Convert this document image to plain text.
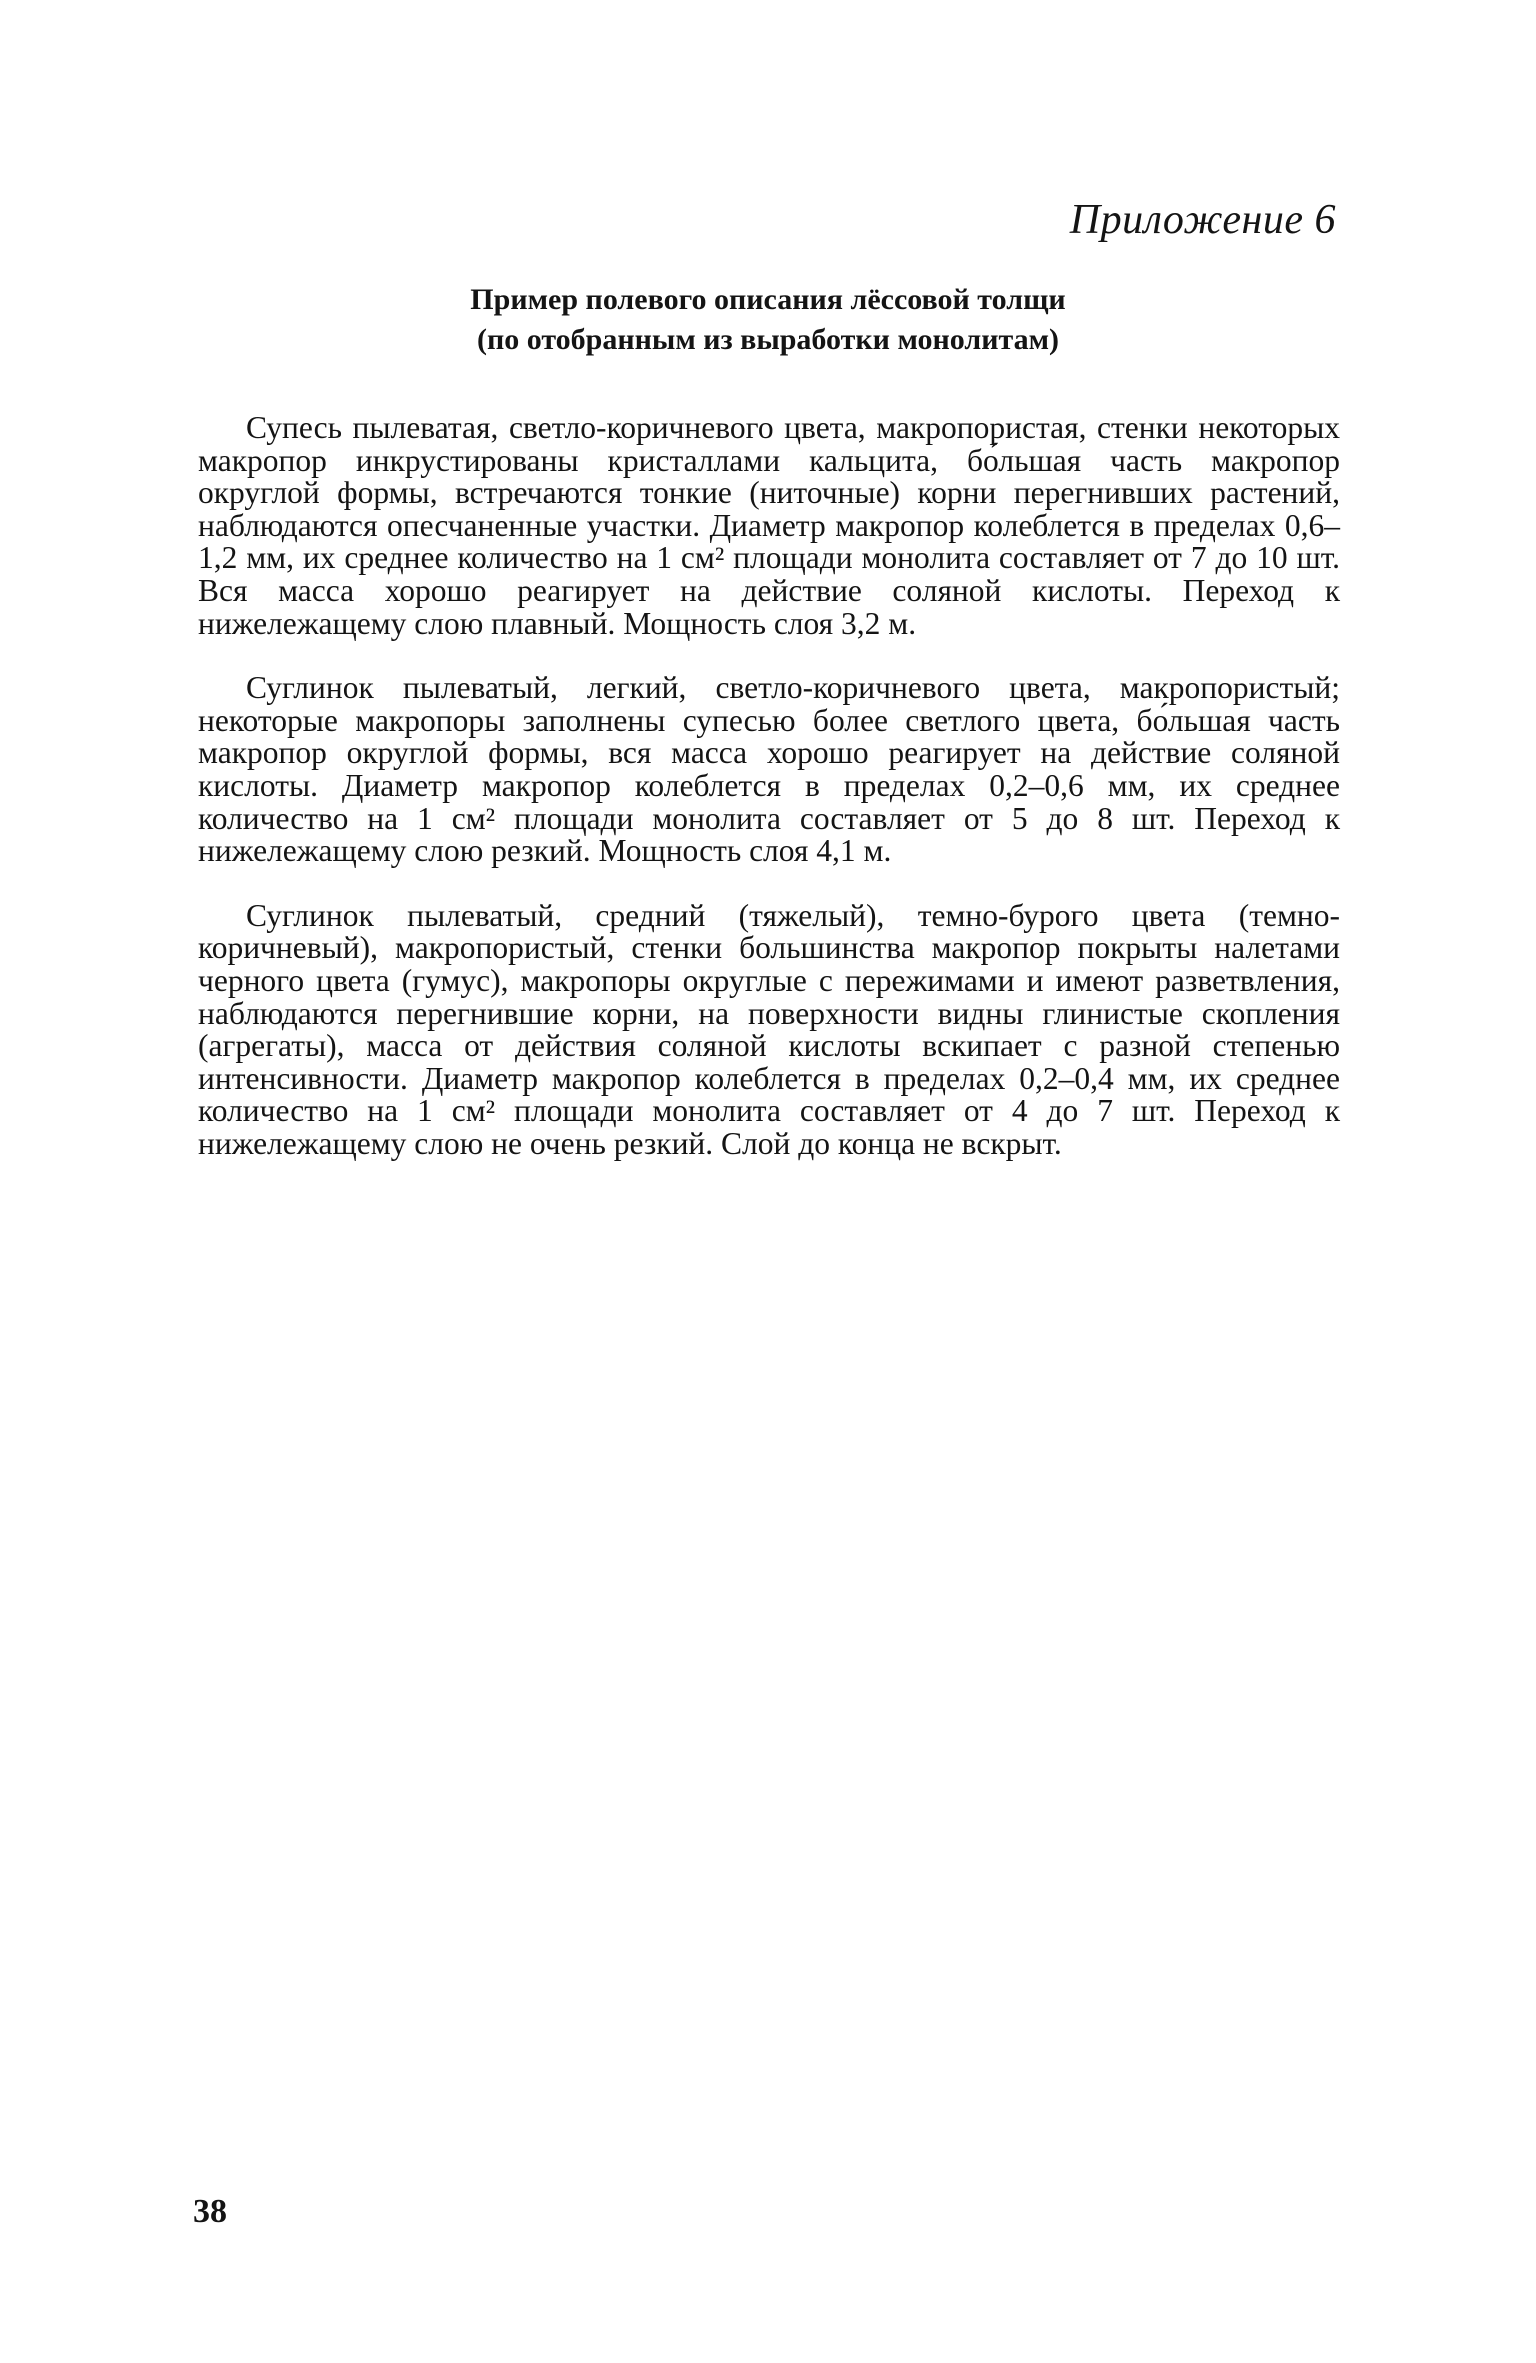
Приложение 6
Пример полевого описания лёссовой толщи
(по отобранным из выработки монолитам)

Супесь пылеватая, светло-коричневого цвета, макропористая, стенки некоторых макропор инкрустированы кристаллами кальцита, бо́льшая часть макропор округлой формы, встречаются тонкие (ниточные) корни перегнивших растений, наблюдаются опесчаненные участки. Диаметр макропор колеблется в пределах 0,6–1,2 мм, их среднее количество на 1 см² площади монолита составляет от 7 до 10 шт. Вся масса хорошо реагирует на действие соляной кислоты. Переход к нижележащему слою плавный. Мощность слоя 3,2 м.

Суглинок пылеватый, легкий, светло-коричневого цвета, макропористый; некоторые макропоры заполнены супесью более светлого цвета, бо́льшая часть макропор округлой формы, вся масса хорошо реагирует на действие соляной кислоты. Диаметр макропор колеблется в пределах 0,2–0,6 мм, их среднее количество на 1 см² площади монолита составляет от 5 до 8 шт. Переход к нижележащему слою резкий. Мощность слоя 4,1 м.

Суглинок пылеватый, средний (тяжелый), темно-бурого цвета (темно-коричневый), макропористый, стенки большинства макропор покрыты налетами черного цвета (гумус), макропоры округлые с пережимами и имеют разветвления, наблюдаются перегнившие корни, на поверхности видны глинистые скопления (агрегаты), масса от действия соляной кислоты вскипает с разной степенью интенсивности. Диаметр макропор колеблется в пределах 0,2–0,4 мм, их среднее количество на 1 см² площади монолита составляет от 4 до 7 шт. Переход к нижележащему слою не очень резкий. Слой до конца не вскрыт.

38
